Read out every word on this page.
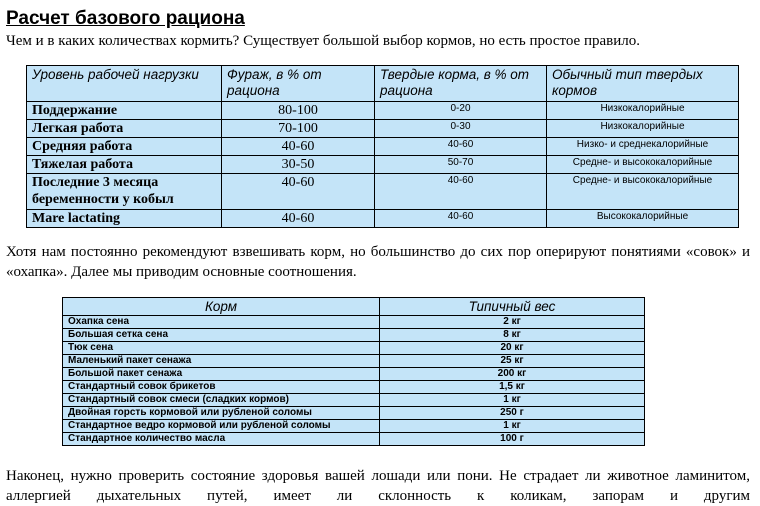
Расчет базового рациона
Чем и в каких количествах кормить? Существует большой выбор кормов, но есть простое правило.
Уровень рабочей нагрузки	Фураж, в % от рациона	Твердые корма, в % от рациона	Обычный тип твердых кормов
Поддержание	80-100	0-20	Низкокалорийные
Легкая работа	70-100	0-30	Низкокалорийные
Средняя работа	40-60	40-60	Низко- и среднекалорийные
Тяжелая работа	30-50	50-70	Средне- и высококалорийные
Последние 3 месяца беременности у кобыл	40-60	40-60	Средне- и высококалорийные
Mare lactating	40-60	40-60	Высококалорийные
Хотя нам постоянно рекомендуют взвешивать корм, но большинство до сих пор оперируют понятиями «совок» и «охапка». Далее мы приводим основные соотношения.
Корм	Типичный вес
Охапка сена	2 кг
Большая сетка сена	8 кг
Тюк сена	20 кг
Маленький пакет сенажа	25 кг
Большой пакет сенажа	200 кг
Стандартный совок брикетов	1,5 кг
Стандартный совок смеси (сладких кормов)	1 кг
Двойная горсть кормовой или рубленой соломы	250 г
Стандартное ведро кормовой или рубленой соломы	1 кг
Стандартное количество масла	100 г
Наконец, нужно проверить состояние здоровья вашей лошади или пони. Не страдает ли животное ламинитом, аллергией дыхательных путей, имеет ли склонность к коликам, запорам и другим
